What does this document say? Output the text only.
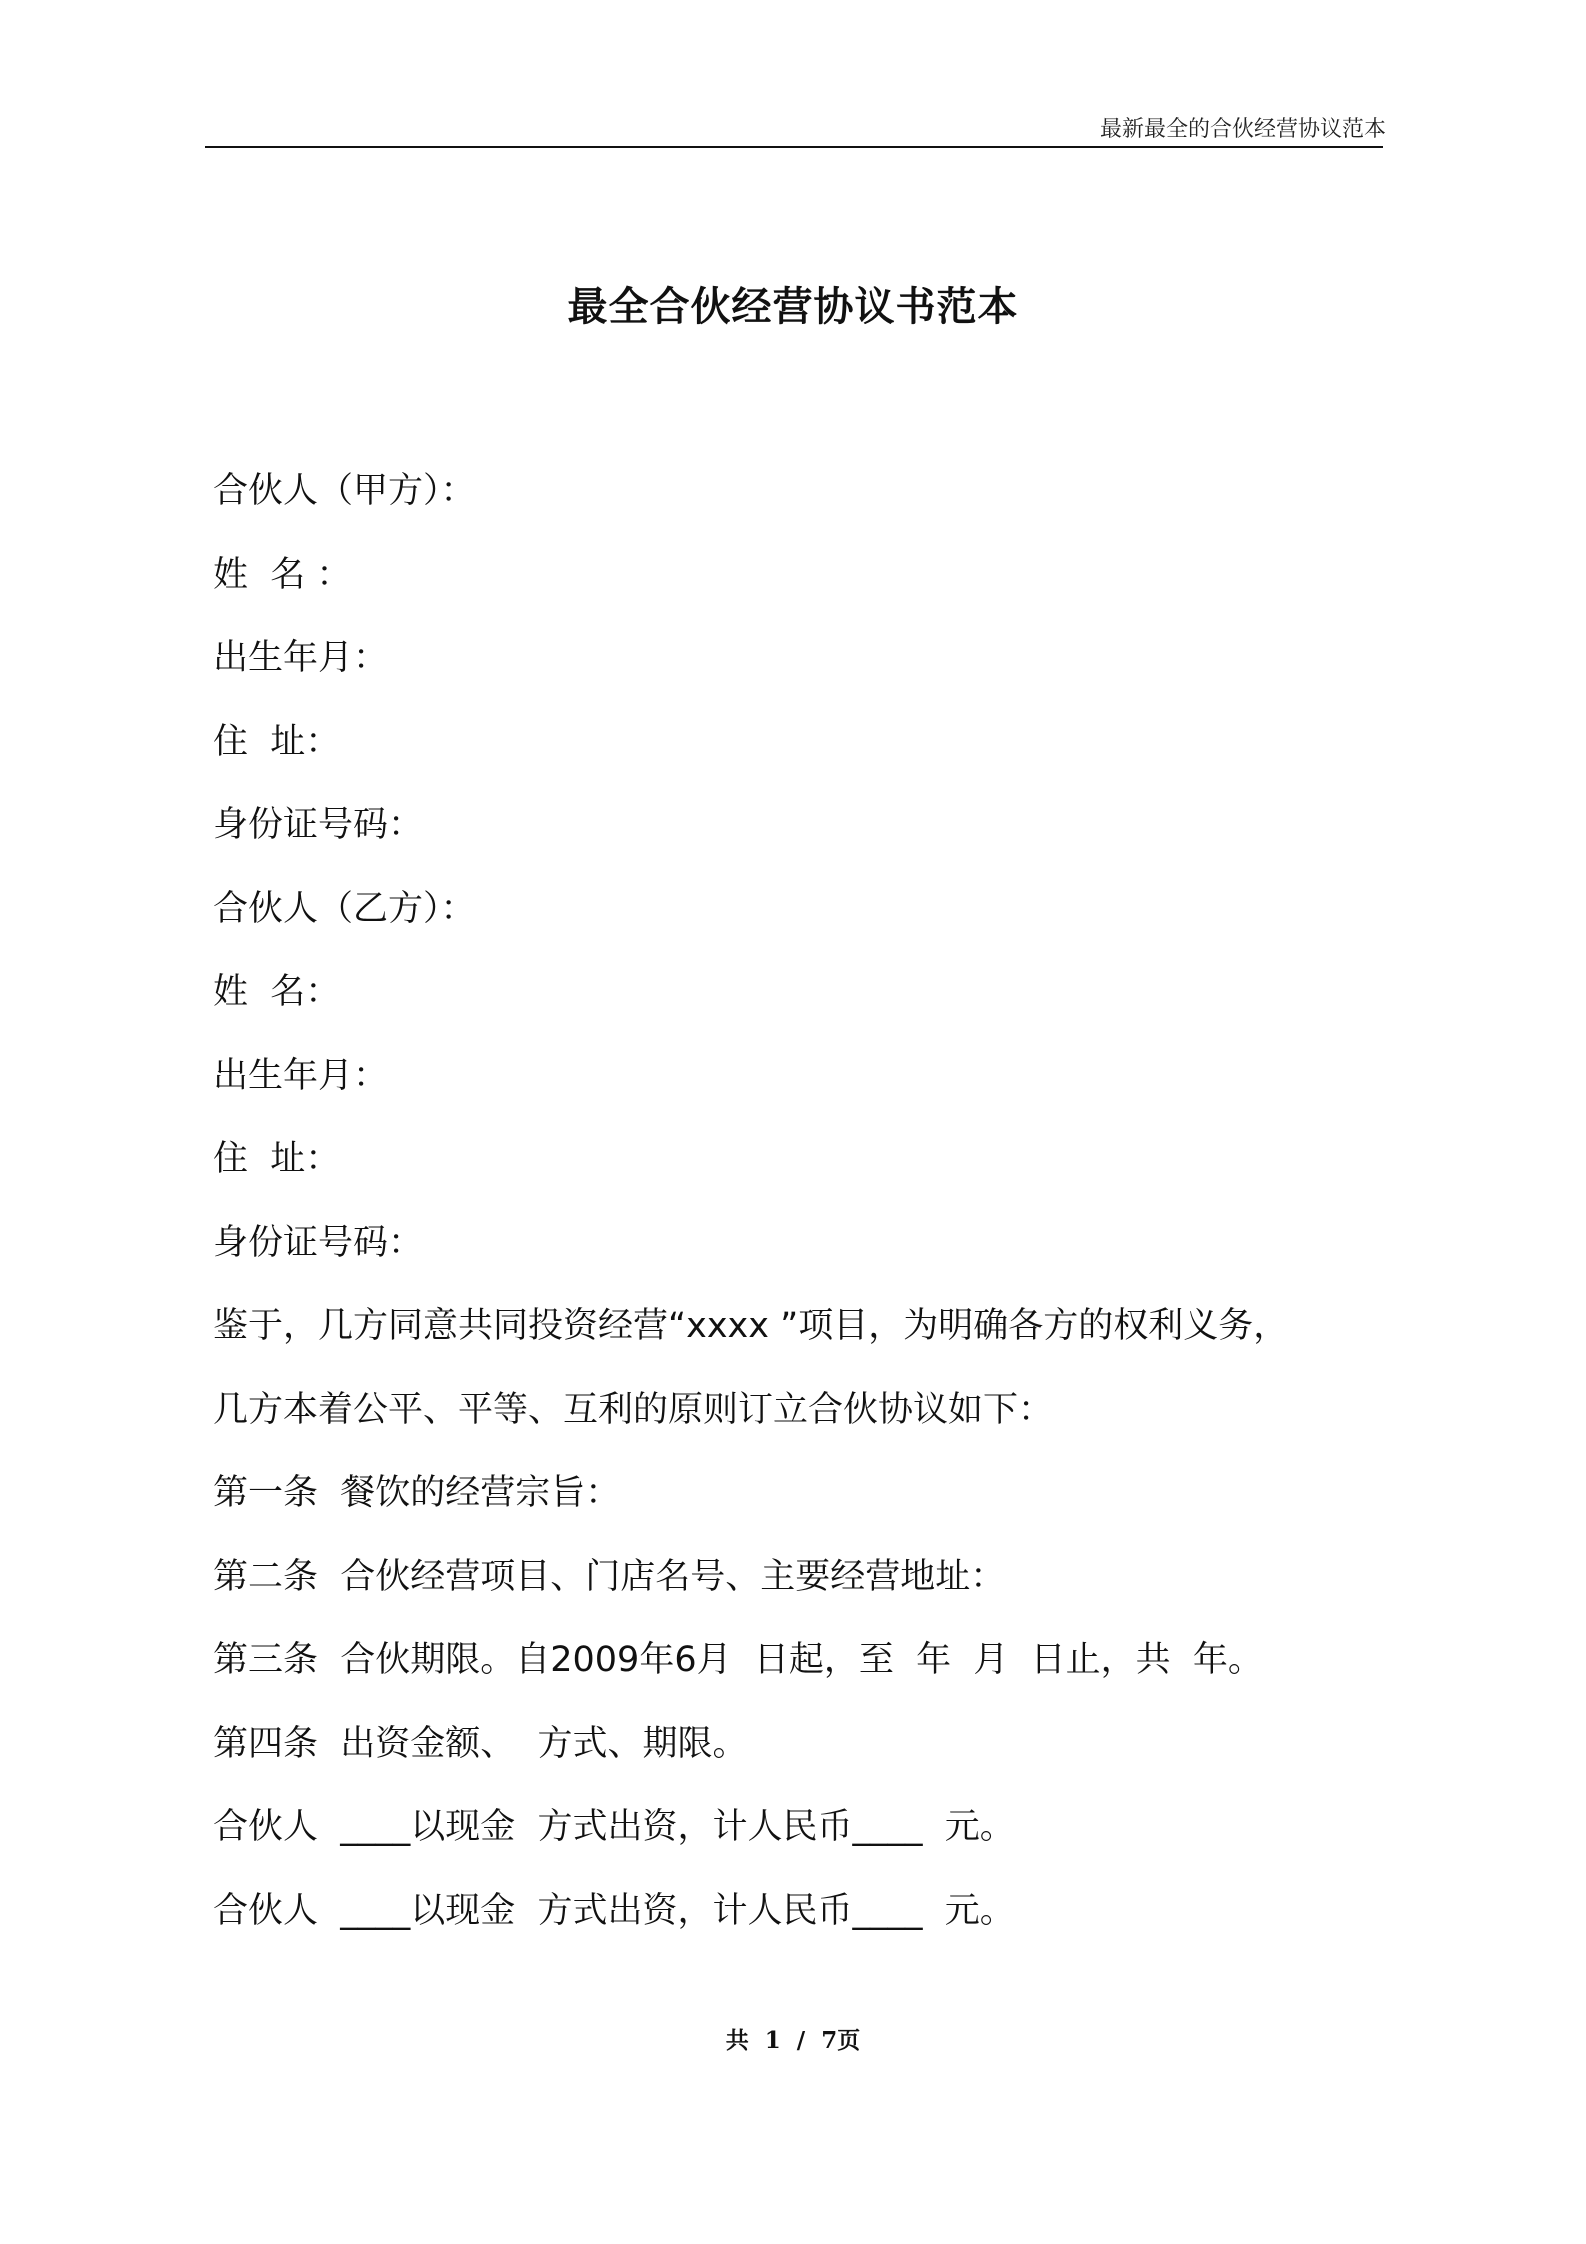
最新最全的合伙经营协议范本
最全合伙经营协议书范本
合伙人（甲方）：
姓  名 ：
出生年月：
住  址：
身份证号码：
合伙人（乙方）：
姓  名：
出生年月：
住  址：
身份证号码：
鉴于，几方同意共同投资经营“xxxx ”项目，为明确各方的权利义务，
几方本着公平、平等、互利的原则订立合伙协议如下：
第一条  餐饮的经营宗旨：
第二条  合伙经营项目、门店名号、主要经营地址：
第三条  合伙期限。自2009年6月  日起，至  年  月  日止，共  年。
第四条  出资金额、  方式、期限。
合伙人  ____以现金  方式出资，计人民币____  元。
合伙人  ____以现金  方式出资，计人民币____  元。
共  1  /  7页
